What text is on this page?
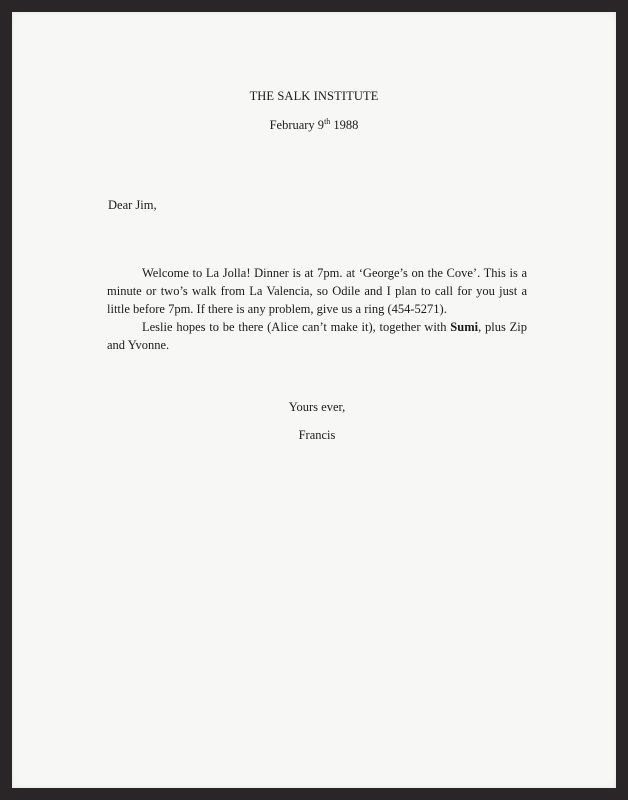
THE SALK INSTITUTE
February 9th 1988
Dear Jim,

Welcome to La Jolla! Dinner is at 7pm. at ‘George’s on the Cove’. This is a minute or two’s walk from La Valencia, so Odile and I plan to call for you just a little before 7pm. If there is any problem, give us a ring (454-5271).

Leslie hopes to be there (Alice can’t make it), together with Sumi, plus Zip and Yvonne.

Yours ever,
Francis
